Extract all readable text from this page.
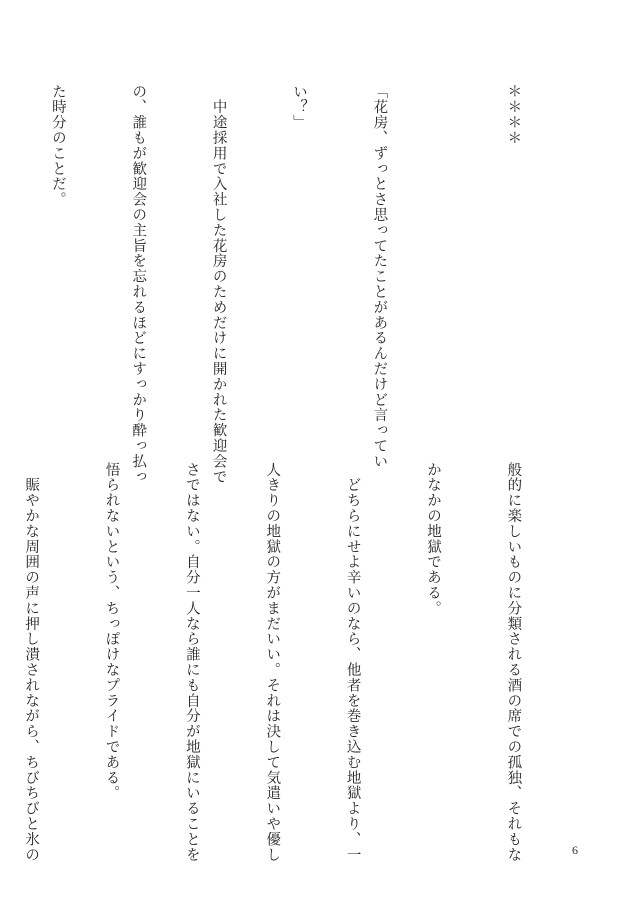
＊＊＊＊

「花房、ずっとさ思ってたことがあるんだけど言ってい

い？」

　中途採用で入社した花房のためだけに開かれた歓迎会で

の、誰もが歓迎会の主旨を忘れるほどにすっかり酔っ払っ

た時分のことだ。

般的に楽しいものに分類される酒の席での孤独、それもな

かなかの地獄である。

　どちらにせよ辛いのなら、他者を巻き込む地獄より、一

人きりの地獄の方がまだいい。それは決して気遣いや優し

さではない。自分一人なら誰にも自分が地獄にいることを

悟られないという、ちっぽけなプライドである。

　賑やかな周囲の声に押し潰されながら、ちびちびと氷の

	6
